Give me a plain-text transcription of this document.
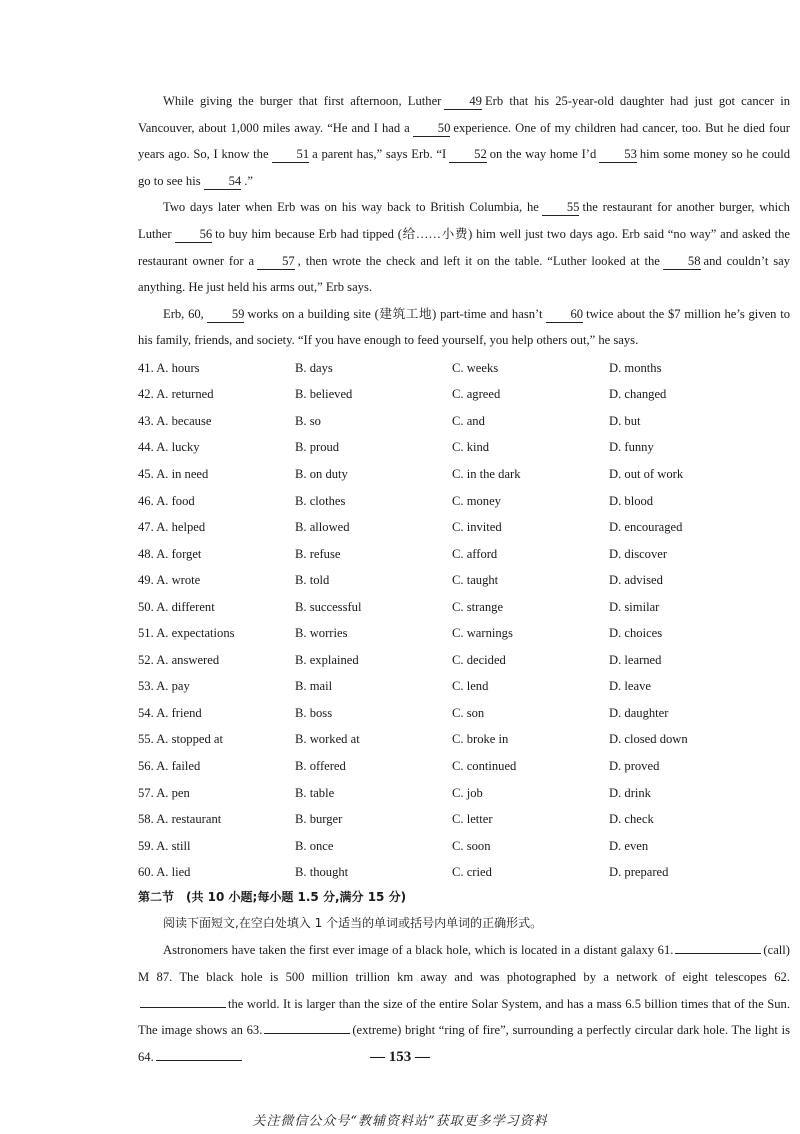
While giving the burger that first afternoon, Luther 49 Erb that his 25-year-old daughter had just got cancer in Vancouver, about 1,000 miles away. “He and I had a 50 experience. One of my children had cancer, too. But he died four years ago. So, I know the 51 a parent has,” says Erb. “I 52 on the way home I’d 53 him some money so he could go to see his 54 .”

Two days later when Erb was on his way back to British Columbia, he 55 the restaurant for another burger, which Luther 56 to buy him because Erb had tipped (给……小费) him well just two days ago. Erb said “no way” and asked the restaurant owner for a 57 , then wrote the check and left it on the table. “Luther looked at the 58 and couldn’t say anything. He just held his arms out,” Erb says.

Erb, 60, 59 works on a building site (建筑工地) part-time and hasn’t 60 twice about the $7 million he’s given to his family, friends, and society. “If you have enough to feed yourself, you help others out,” he says.

41. A. hours	B. days	C. weeks	D. months
42. A. returned	B. believed	C. agreed	D. changed
43. A. because	B. so	C. and	D. but
44. A. lucky	B. proud	C. kind	D. funny
45. A. in need	B. on duty	C. in the dark	D. out of work
46. A. food	B. clothes	C. money	D. blood
47. A. helped	B. allowed	C. invited	D. encouraged
48. A. forget	B. refuse	C. afford	D. discover
49. A. wrote	B. told	C. taught	D. advised
50. A. different	B. successful	C. strange	D. similar
51. A. expectations	B. worries	C. warnings	D. choices
52. A. answered	B. explained	C. decided	D. learned
53. A. pay	B. mail	C. lend	D. leave
54. A. friend	B. boss	C. son	D. daughter
55. A. stopped at	B. worked at	C. broke in	D. closed down
56. A. failed	B. offered	C. continued	D. proved
57. A. pen	B. table	C. job	D. drink
58. A. restaurant	B. burger	C. letter	D. check
59. A. still	B. once	C. soon	D. even
60. A. lied	B. thought	C. cried	D. prepared
第二节　(共 10 小题;每小题 1.5 分,满分 15 分)
阅读下面短文,在空白处填入 1 个适当的单词或括号内单词的正确形式。

Astronomers have taken the first ever image of a black hole, which is located in a distant galaxy 61.	(call) M 87. The black hole is 500 million trillion km away and was photographed by a network of eight telescopes 62.the world. It is larger than the size of the entire Solar System, and has a mass 6.5 billion times that of the Sun. The image shows an 63.	(extreme) bright “ring of fire”, surrounding a perfectly circular dark hole. The light is 64.	— 153 —
关注微信公众号“教辅资料站”获取更多学习资料
